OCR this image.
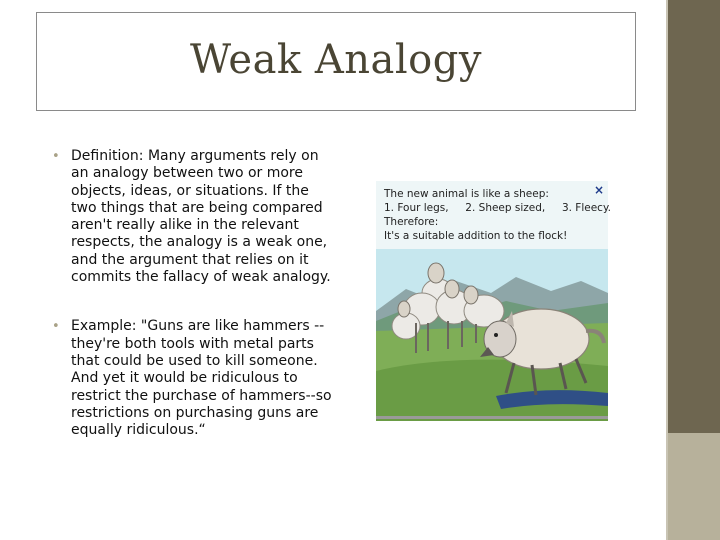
Weak Analogy
• Definition: Many arguments rely on an analogy between two or more objects, ideas, or situations. If the two things that are being compared aren't really alike in the relevant respects, the analogy is a weak one, and the argument that relies on it commits the fallacy of weak analogy.
• Example: "Guns are like hammers --they're both tools with metal parts that could be used to kill someone. And yet it would be ridiculous to restrict the purchase of hammers--so restrictions on purchasing guns are equally ridiculous.“
The new animal is like a sheep:
1. Four legs,     2. Sheep sized,     3. Fleecy.
Therefore:
It's a suitable addition to the flock!
×
